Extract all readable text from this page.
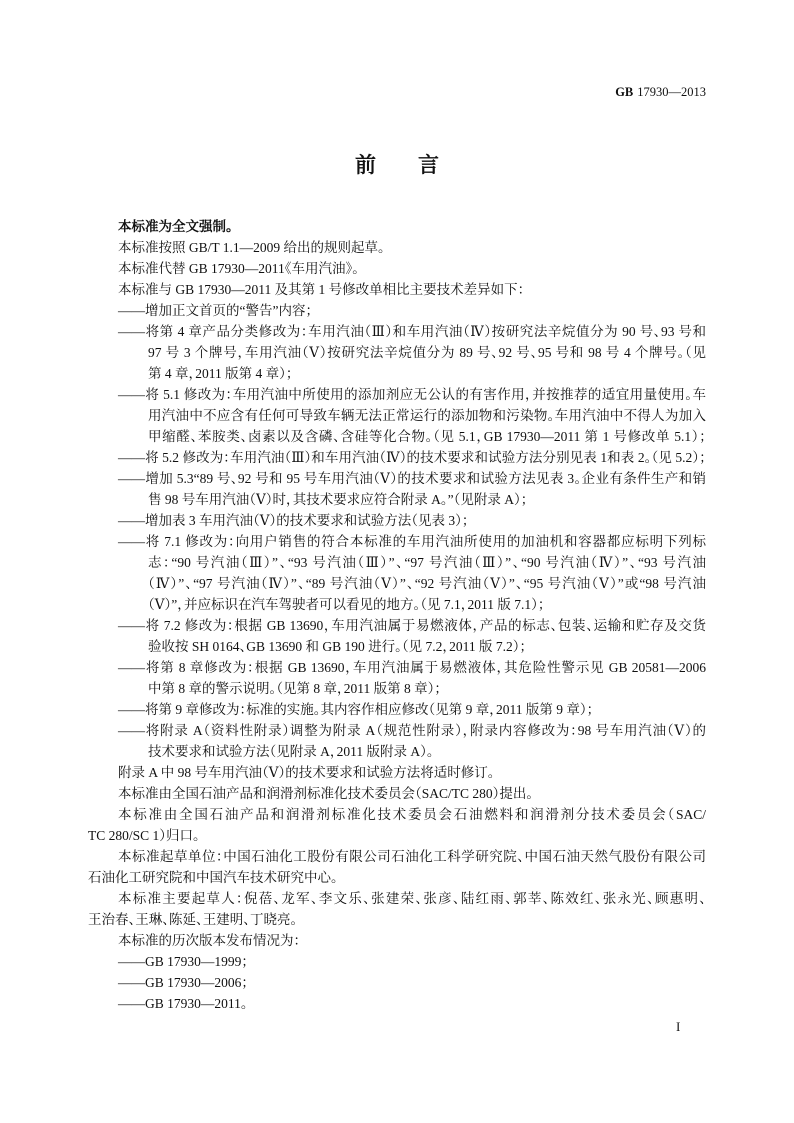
GB 17930—2013
前言
本标准为全文强制。
本标准按照 GB/T 1.1—2009 给出的规则起草。
本标准代替 GB 17930—2011《车用汽油》。
本标准与 GB 17930—2011 及其第 1 号修改单相比主要技术差异如下：
——增加正文首页的“警告”内容；
——将第 4 章产品分类修改为：车用汽油（Ⅲ）和车用汽油（Ⅳ）按研究法辛烷值分为 90 号、93 号和
97 号 3 个牌号，车用汽油（Ⅴ）按研究法辛烷值分为 89 号、92 号、95 号和 98 号 4 个牌号。（见
第 4 章，2011 版第 4 章）；
——将 5.1 修改为：车用汽油中所使用的添加剂应无公认的有害作用，并按推荐的适宜用量使用。车
用汽油中不应含有任何可导致车辆无法正常运行的添加物和污染物。车用汽油中不得人为加入
甲缩醛、苯胺类、卤素以及含磷、含硅等化合物。（见 5.1，GB 17930—2011 第 1 号修改单 5.1）；
——将 5.2 修改为：车用汽油（Ⅲ）和车用汽油（Ⅳ）的技术要求和试验方法分别见表 1和表 2。（见 5.2）；
——增加 5.3“89 号、92 号和 95 号车用汽油（Ⅴ）的技术要求和试验方法见表 3。企业有条件生产和销
售 98 号车用汽油（Ⅴ）时，其技术要求应符合附录 A。”（见附录 A）；
——增加表 3 车用汽油（Ⅴ）的技术要求和试验方法（见表 3）；
——将 7.1 修改为：向用户销售的符合本标准的车用汽油所使用的加油机和容器都应标明下列标
志：“90 号汽油（Ⅲ）”、“93 号汽油（Ⅲ）”、“97 号汽油（Ⅲ）”、“90 号汽油（Ⅳ）”、“93 号汽油
（Ⅳ）”、“97 号汽油（Ⅳ）”、“89 号汽油（Ⅴ）”、“92 号汽油（Ⅴ）”、“95 号汽油（Ⅴ）”或“98 号汽油
（Ⅴ）”，并应标识在汽车驾驶者可以看见的地方。（见 7.1，2011 版 7.1）；
——将 7.2 修改为：根据 GB 13690，车用汽油属于易燃液体，产品的标志、包装、运输和贮存及交货
验收按 SH 0164、GB 13690 和 GB 190 进行。（见 7.2，2011 版 7.2）；
——将第 8 章修改为：根据 GB 13690，车用汽油属于易燃液体，其危险性警示见 GB 20581—2006
中第 8 章的警示说明。（见第 8 章，2011 版第 8 章）；
——将第 9 章修改为：标准的实施。其内容作相应修改（见第 9 章，2011 版第 9 章）；
——将附录 A（资料性附录）调整为附录 A（规范性附录），附录内容修改为：98 号车用汽油（Ⅴ）的
技术要求和试验方法（见附录 A，2011 版附录 A）。
附录 A 中 98 号车用汽油（Ⅴ）的技术要求和试验方法将适时修订。
本标准由全国石油产品和润滑剂标准化技术委员会（SAC/TC 280）提出。
本标准由全国石油产品和润滑剂标准化技术委员会石油燃料和润滑剂分技术委员会（SAC/
TC 280/SC 1）归口。
本标准起草单位：中国石油化工股份有限公司石油化工科学研究院、中国石油天然气股份有限公司
石油化工研究院和中国汽车技术研究中心。
本标准主要起草人：倪蓓、龙军、李文乐、张建荣、张彦、陆红雨、郭莘、陈效红、张永光、顾惠明、
王治春、王琳、陈延、王建明、丁晓亮。
本标准的历次版本发布情况为：
——GB 17930—1999；
——GB 17930—2006；
——GB 17930—2011。
I
